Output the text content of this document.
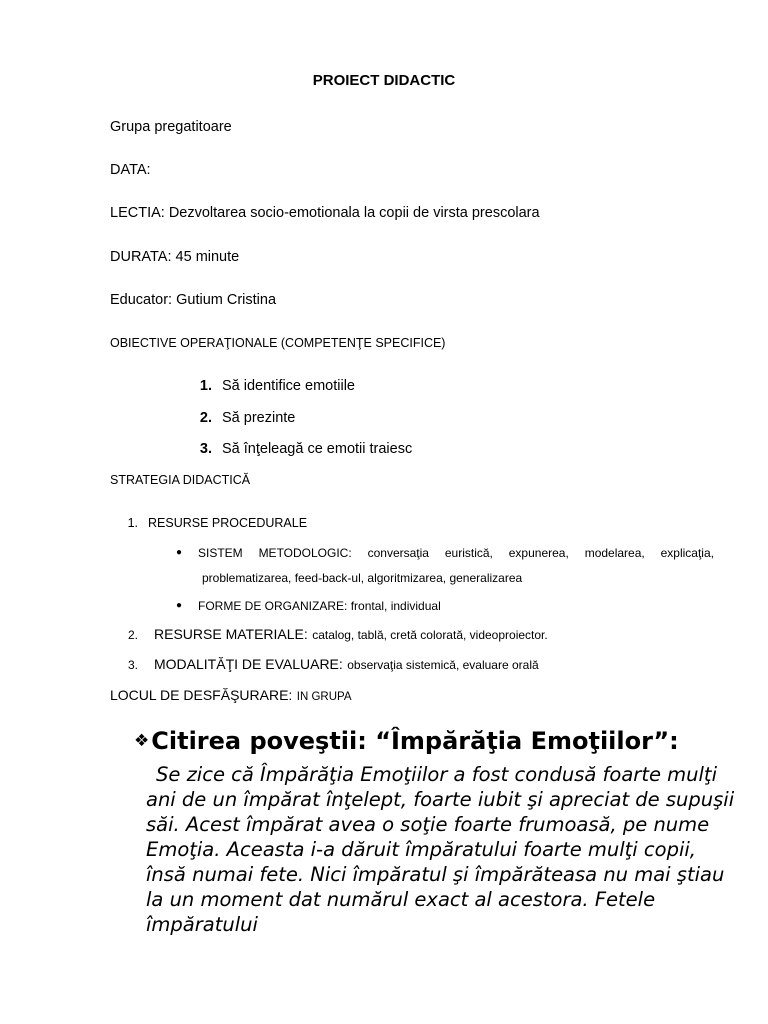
PROIECT DIDACTIC
Grupa pregatitoare
DATA:
LECTIA: Dezvoltarea socio-emotionala la copii de virsta prescolara
DURATA: 45 minute
Educator: Gutium Cristina
OBIECTIVE OPERAŢIONALE (COMPETENŢE SPECIFICE)
1. Să identifice emotiile
2. Să prezinte
3. Să înţeleagă ce emotii traiesc
STRATEGIA DIDACTICĂ
1. RESURSE PROCEDURALE
● SISTEM METODOLOGIC: conversaţia euristică, expunerea, modelarea, explicaţia,
problematizarea, feed-back-ul, algoritmizarea, generalizarea
● FORME DE ORGANIZARE: frontal, individual
2. RESURSE MATERIALE: catalog, tablă, cretă colorată, videoproiector.
3. MODALITĂŢI DE EVALUARE: observaţia sistemică, evaluare orală
LOCUL DE DESFĂŞURARE: IN GRUPA
❖Citirea poveştii: “Împărăţia Emoţiilor”:
Se zice că Împărăţia Emoţiilor a fost condusă foarte mulţi ani de un împărat înţelept, foarte iubit şi apreciat de supuşii săi. Acest împărat avea o soţie foarte frumoasă, pe nume Emoţia. Aceasta i-a dăruit împăratului foarte mulţi copii, însă numai fete. Nici împăratul şi împărăteasa nu mai ştiau la un moment dat numărul exact al acestora. Fetele împăratului
